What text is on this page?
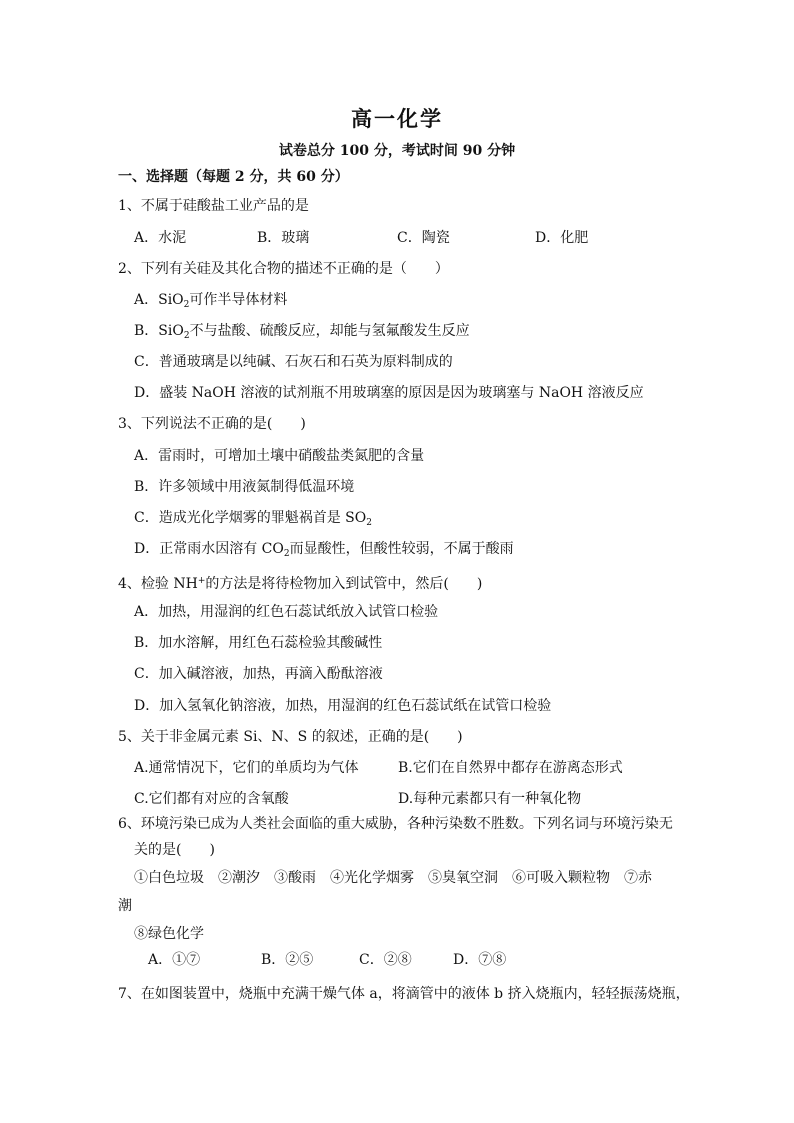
高一化学
试卷总分 100 分，考试时间 90 分钟
一、选择题（每题 2 分，共 60 分）
1、不属于硅酸盐工业产品的是
A．水泥	B．玻璃	C．陶瓷	D．化肥
2、下列有关硅及其化合物的描述不正确的是（　　）
A．SiO$_2$可作半导体材料
B．SiO$_2$不与盐酸、硫酸反应，却能与氢氟酸发生反应
C．普通玻璃是以纯碱、石灰石和石英为原料制成的
D．盛装 NaOH 溶液的试剂瓶不用玻璃塞的原因是因为玻璃塞与 NaOH 溶液反应
3、下列说法不正确的是(　　)
A．雷雨时，可增加土壤中硝酸盐类氮肥的含量
B．许多领域中用液氮制得低温环境
C．造成光化学烟雾的罪魁祸首是 $SO_2$
D．正常雨水因溶有 $CO_2$而显酸性，但酸性较弱，不属于酸雨
4、检验 NH+的方法是将待检物加入到试管中，然后(　　)
A．加热，用湿润的红色石蕊试纸放入试管口检验
B．加水溶解，用红色石蕊检验其酸碱性
C．加入碱溶液，加热，再滴入酚酞溶液
D．加入氢氧化钠溶液，加热，用湿润的红色石蕊试纸在试管口检验
5、关于非金属元素 Si、N、S 的叙述，正确的是(　　)
A.通常情况下，它们的单质均为气体	B.它们在自然界中都存在游离态形式
C.它们都有对应的含氧酸	D.每种元素都只有一种氧化物
6、环境污染已成为人类社会面临的重大威胁，各种污染数不胜数。下列名词与环境污染无
关的是(　　)
①白色垃圾　②潮汐　③酸雨　④光化学烟雾　⑤臭氧空洞　⑥可吸入颗粒物　⑦赤
潮
⑧绿色化学
A．①⑦	B．②⑤	C．②⑧	D．⑦⑧
7、在如图装置中，烧瓶中充满干燥气体 a，将滴管中的液体 b 挤入烧瓶内，轻轻振荡烧瓶，
